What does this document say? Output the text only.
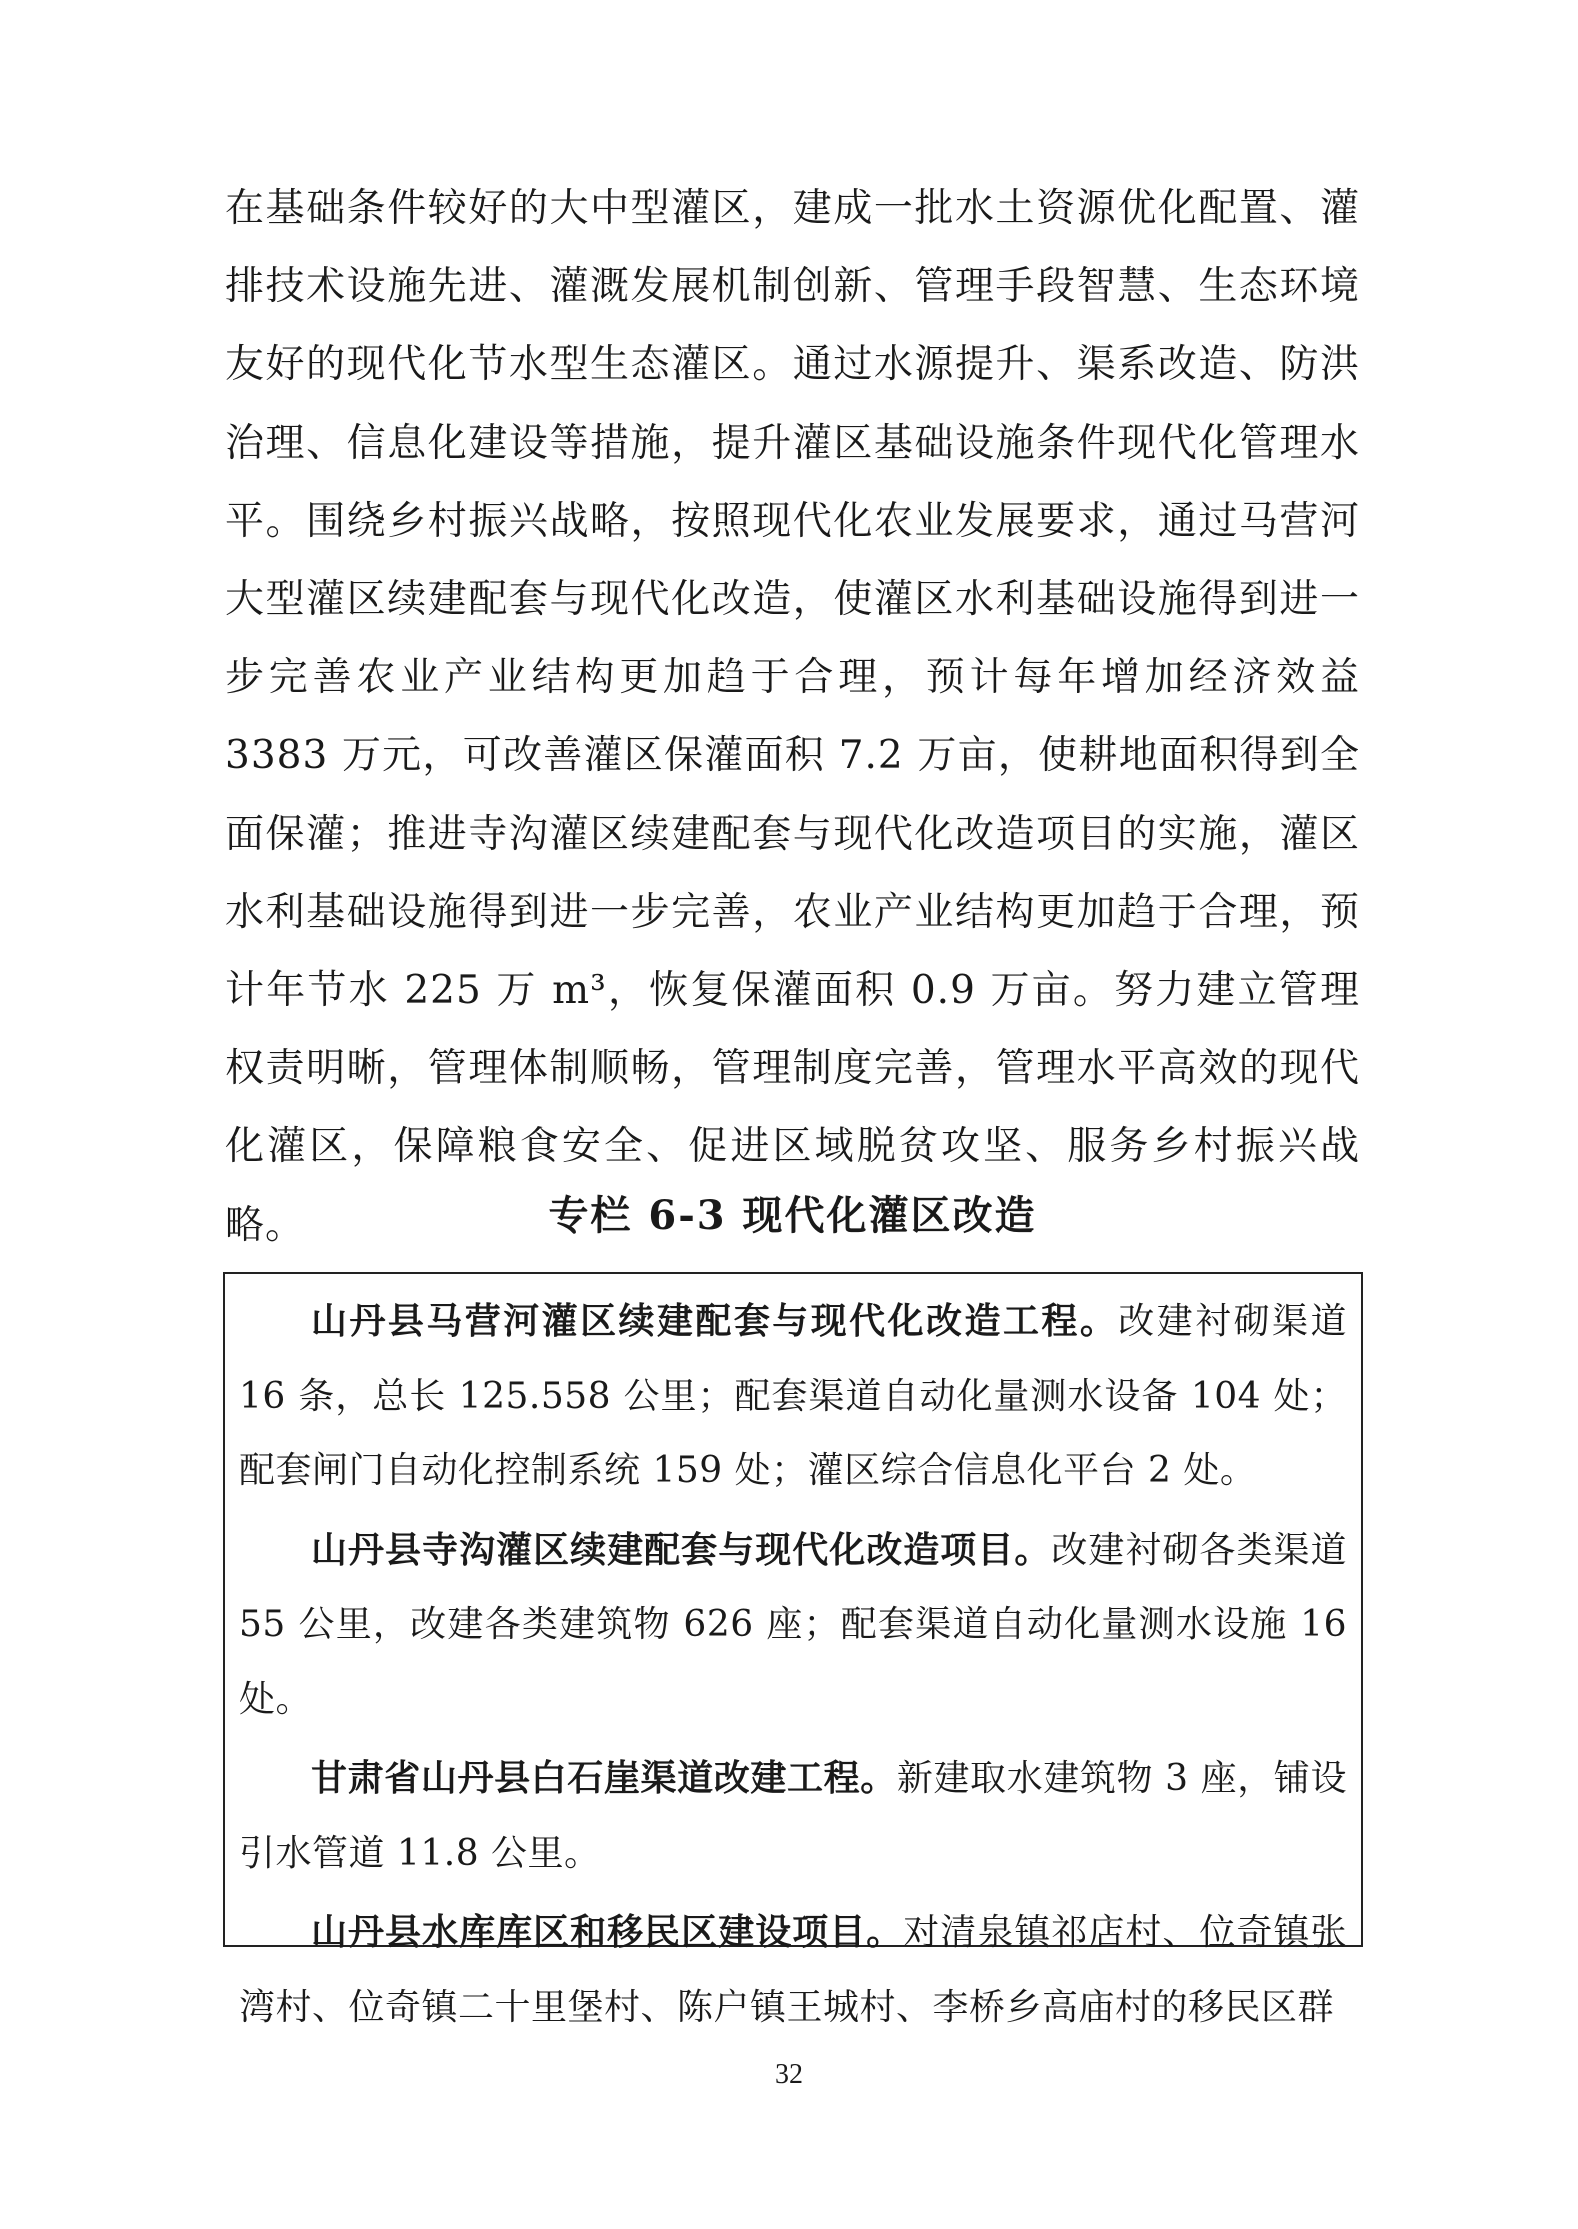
在基础条件较好的大中型灌区，建成一批水土资源优化配置、灌排技术设施先进、灌溉发展机制创新、管理手段智慧、生态环境友好的现代化节水型生态灌区。通过水源提升、渠系改造、防洪治理、信息化建设等措施，提升灌区基础设施条件现代化管理水平。围绕乡村振兴战略，按照现代化农业发展要求，通过马营河大型灌区续建配套与现代化改造，使灌区水利基础设施得到进一步完善农业产业结构更加趋于合理，预计每年增加经济效益 3383 万元，可改善灌区保灌面积 7.2 万亩，使耕地面积得到全面保灌；推进寺沟灌区续建配套与现代化改造项目的实施，灌区水利基础设施得到进一步完善，农业产业结构更加趋于合理，预计年节水 225 万 m³，恢复保灌面积 0.9 万亩。努力建立管理权责明晰，管理体制顺畅，管理制度完善，管理水平高效的现代化灌区，保障粮食安全、促进区域脱贫攻坚、服务乡村振兴战略。	专栏 6-3 现代化灌区改造

山丹县马营河灌区续建配套与现代化改造工程。改建衬砌渠道 16 条，总长 125.558 公里；配套渠道自动化量测水设备 104 处；配套闸门自动化控制系统 159 处；灌区综合信息化平台 2 处。

山丹县寺沟灌区续建配套与现代化改造项目。改建衬砌各类渠道 55 公里，改建各类建筑物 626 座；配套渠道自动化量测水设施 16 处。

甘肃省山丹县白石崖渠道改建工程。新建取水建筑物 3 座，铺设引水管道 11.8 公里。

山丹县水库库区和移民区建设项目。对清泉镇祁店村、位奇镇张湾村、位奇镇二十里堡村、陈户镇王城村、李桥乡高庙村的移民区群

32
